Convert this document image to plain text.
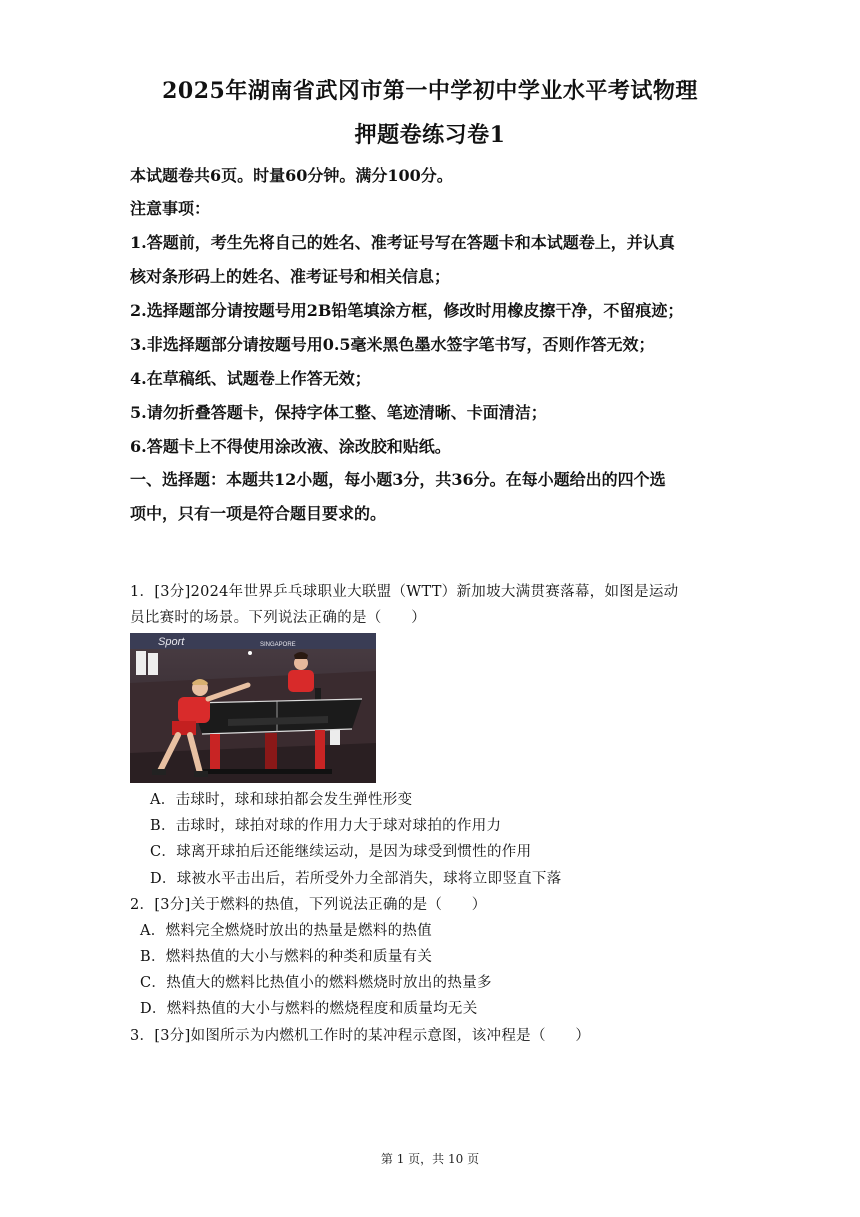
2025年湖南省武冈市第一中学初中学业水平考试物理
押题卷练习卷1
本试题卷共6页。时量60分钟。满分100分。
注意事项：
1.答题前，考生先将自己的姓名、准考证号写在答题卡和本试题卷上，并认真
核对条形码上的姓名、准考证号和相关信息；
2.选择题部分请按题号用2B铅笔填涂方框，修改时用橡皮擦干净，不留痕迹；
3.非选择题部分请按题号用0.5毫米黑色墨水签字笔书写，否则作答无效；
4.在草稿纸、试题卷上作答无效；
5.请勿折叠答题卡，保持字体工整、笔迹清晰、卡面清洁；
6.答题卡上不得使用涂改液、涂改胶和贴纸。
一、选择题：本题共12小题，每小题3分，共36分。在每小题给出的四个选
项中，只有一项是符合题目要求的。
1．[3分]2024年世界乒乓球职业大联盟（WTT）新加坡大满贯赛落幕，如图是运动
员比赛时的场景。下列说法正确的是（　　）
Sport	SINGAPORE
A．击球时，球和球拍都会发生弹性形变
B．击球时，球拍对球的作用力大于球对球拍的作用力
C．球离开球拍后还能继续运动，是因为球受到惯性的作用
D．球被水平击出后，若所受外力全部消失，球将立即竖直下落
2．[3分]关于燃料的热值，下列说法正确的是（　　）
A．燃料完全燃烧时放出的热量是燃料的热值
B．燃料热值的大小与燃料的种类和质量有关
C．热值大的燃料比热值小的燃料燃烧时放出的热量多
D．燃料热值的大小与燃料的燃烧程度和质量均无关
3．[3分]如图所示为内燃机工作时的某冲程示意图，该冲程是（　　）
第 1 页，共 10 页
